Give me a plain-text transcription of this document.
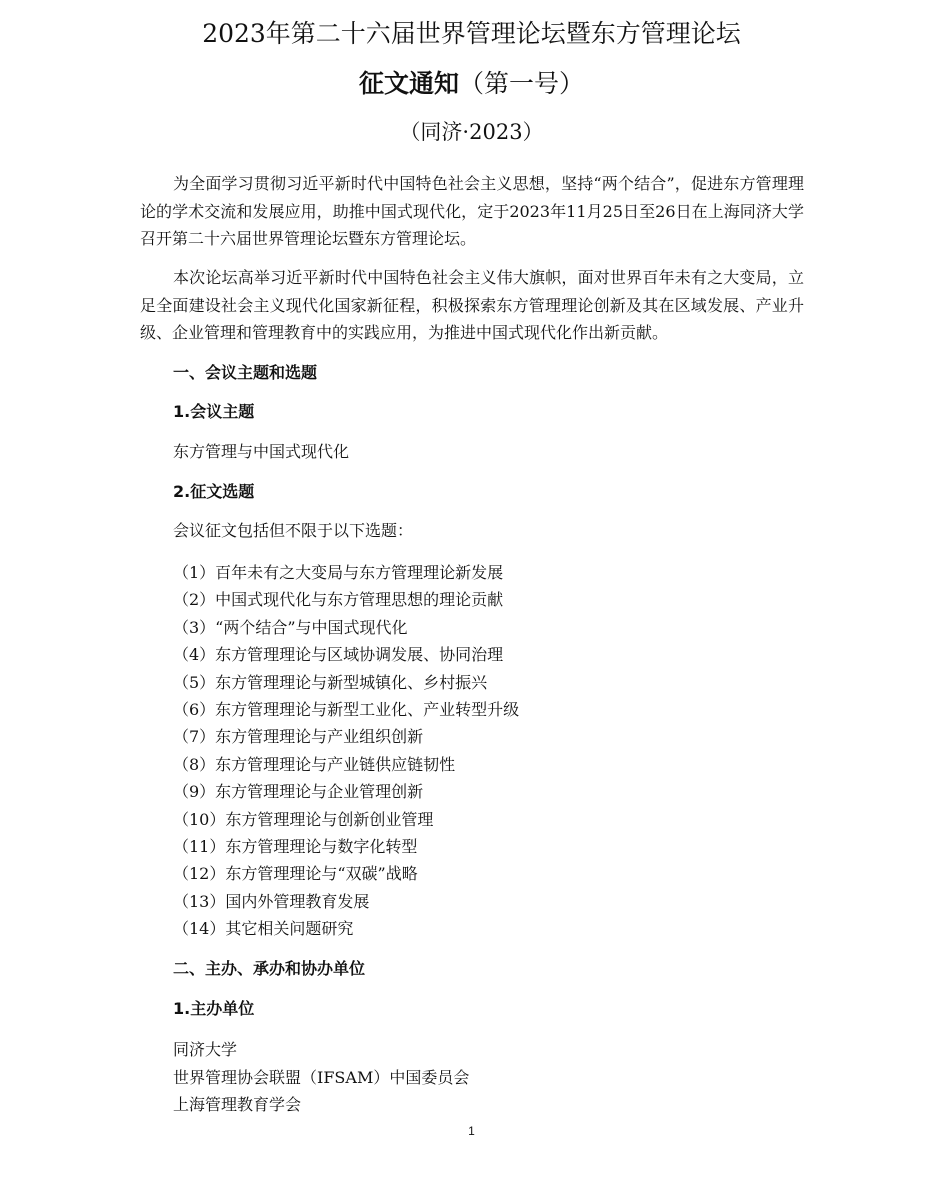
2023年第二十六届世界管理论坛暨东方管理论坛
征文通知（第一号）
（同济·2023）

为全面学习贯彻习近平新时代中国特色社会主义思想，坚持“两个结合”，促进东方管理理论的学术交流和发展应用，助推中国式现代化，定于2023年11月25日至26日在上海同济大学召开第二十六届世界管理论坛暨东方管理论坛。

本次论坛高举习近平新时代中国特色社会主义伟大旗帜，面对世界百年未有之大变局，立足全面建设社会主义现代化国家新征程，积极探索东方管理理论创新及其在区域发展、产业升级、企业管理和管理教育中的实践应用，为推进中国式现代化作出新贡献。

一、会议主题和选题
1.会议主题
东方管理与中国式现代化
2.征文选题
会议征文包括但不限于以下选题：
（1）百年未有之大变局与东方管理理论新发展
（2）中国式现代化与东方管理思想的理论贡献
（3）“两个结合”与中国式现代化
（4）东方管理理论与区域协调发展、协同治理
（5）东方管理理论与新型城镇化、乡村振兴
（6）东方管理理论与新型工业化、产业转型升级
（7）东方管理理论与产业组织创新
（8）东方管理理论与产业链供应链韧性
（9）东方管理理论与企业管理创新
（10）东方管理理论与创新创业管理
（11）东方管理理论与数字化转型
（12）东方管理理论与“双碳”战略
（13）国内外管理教育发展
（14）其它相关问题研究
二、主办、承办和协办单位
1.主办单位
同济大学
世界管理协会联盟（IFSAM）中国委员会
上海管理教育学会
1
